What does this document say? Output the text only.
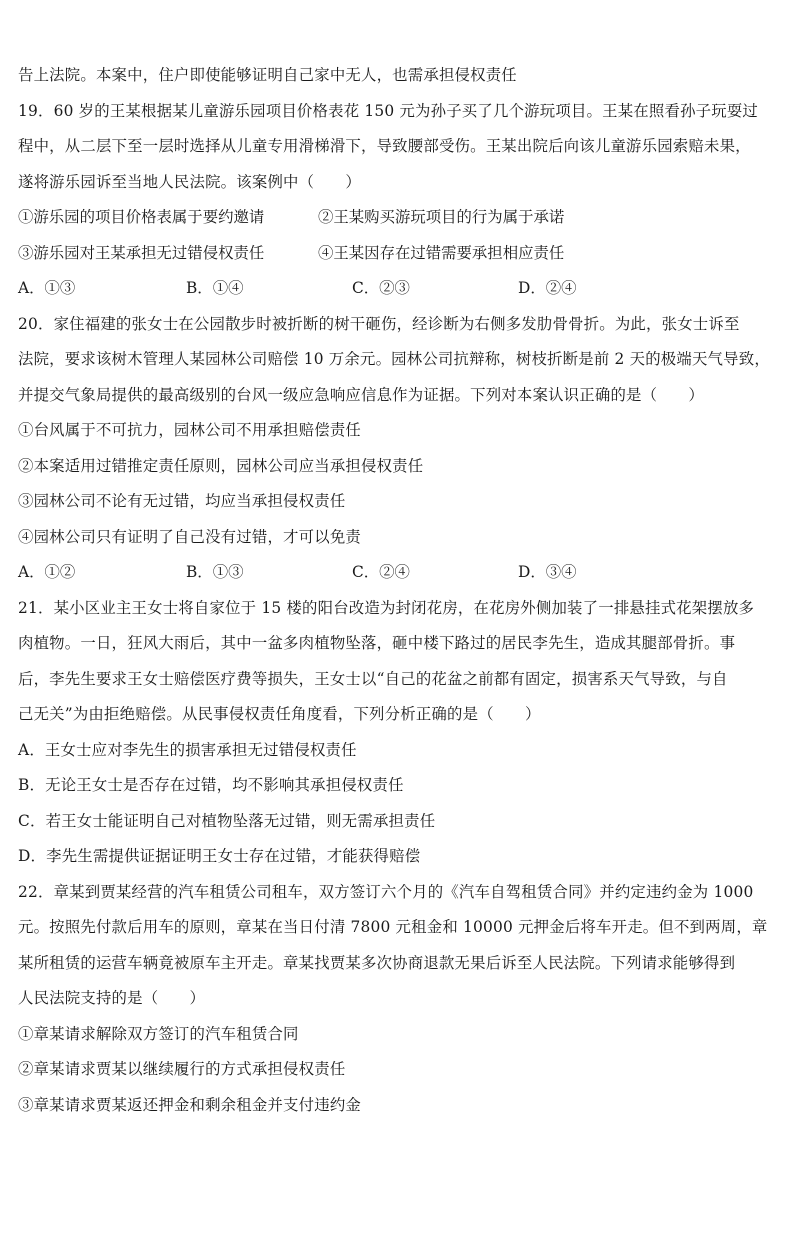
告上法院。本案中，住户即使能够证明自己家中无人，也需承担侵权责任
19．60 岁的王某根据某儿童游乐园项目价格表花 150 元为孙子买了几个游玩项目。王某在照看孙子玩耍过
程中，从二层下至一层时选择从儿童专用滑梯滑下，导致腰部受伤。王某出院后向该儿童游乐园索赔未果，
遂将游乐园诉至当地人民法院。该案例中（　　）
①游乐园的项目价格表属于要约邀请	②王某购买游玩项目的行为属于承诺
③游乐园对王某承担无过错侵权责任	④王某因存在过错需要承担相应责任
A．①③	B．①④	C．②③	D．②④
20．家住福建的张女士在公园散步时被折断的树干砸伤，经诊断为右侧多发肋骨骨折。为此，张女士诉至
法院，要求该树木管理人某园林公司赔偿 10 万余元。园林公司抗辩称，树枝折断是前 2 天的极端天气导致，
并提交气象局提供的最高级别的台风一级应急响应信息作为证据。下列对本案认识正确的是（　　）
①台风属于不可抗力，园林公司不用承担赔偿责任
②本案适用过错推定责任原则，园林公司应当承担侵权责任
③园林公司不论有无过错，均应当承担侵权责任
④园林公司只有证明了自己没有过错，才可以免责
A．①②	B．①③	C．②④	D．③④
21．某小区业主王女士将自家位于 15 楼的阳台改造为封闭花房，在花房外侧加装了一排悬挂式花架摆放多
肉植物。一日，狂风大雨后，其中一盆多肉植物坠落，砸中楼下路过的居民李先生，造成其腿部骨折。事
后，李先生要求王女士赔偿医疗费等损失，王女士以“自己的花盆之前都有固定，损害系天气导致，与自
己无关”为由拒绝赔偿。从民事侵权责任角度看，下列分析正确的是（　　）
A．王女士应对李先生的损害承担无过错侵权责任
B．无论王女士是否存在过错，均不影响其承担侵权责任
C．若王女士能证明自己对植物坠落无过错，则无需承担责任
D．李先生需提供证据证明王女士存在过错，才能获得赔偿
22．章某到贾某经营的汽车租赁公司租车，双方签订六个月的《汽车自驾租赁合同》并约定违约金为 1000
元。按照先付款后用车的原则，章某在当日付清 7800 元租金和 10000 元押金后将车开走。但不到两周，章
某所租赁的运营车辆竟被原车主开走。章某找贾某多次协商退款无果后诉至人民法院。下列请求能够得到
人民法院支持的是（　　）
①章某请求解除双方签订的汽车租赁合同
②章某请求贾某以继续履行的方式承担侵权责任
③章某请求贾某返还押金和剩余租金并支付违约金
